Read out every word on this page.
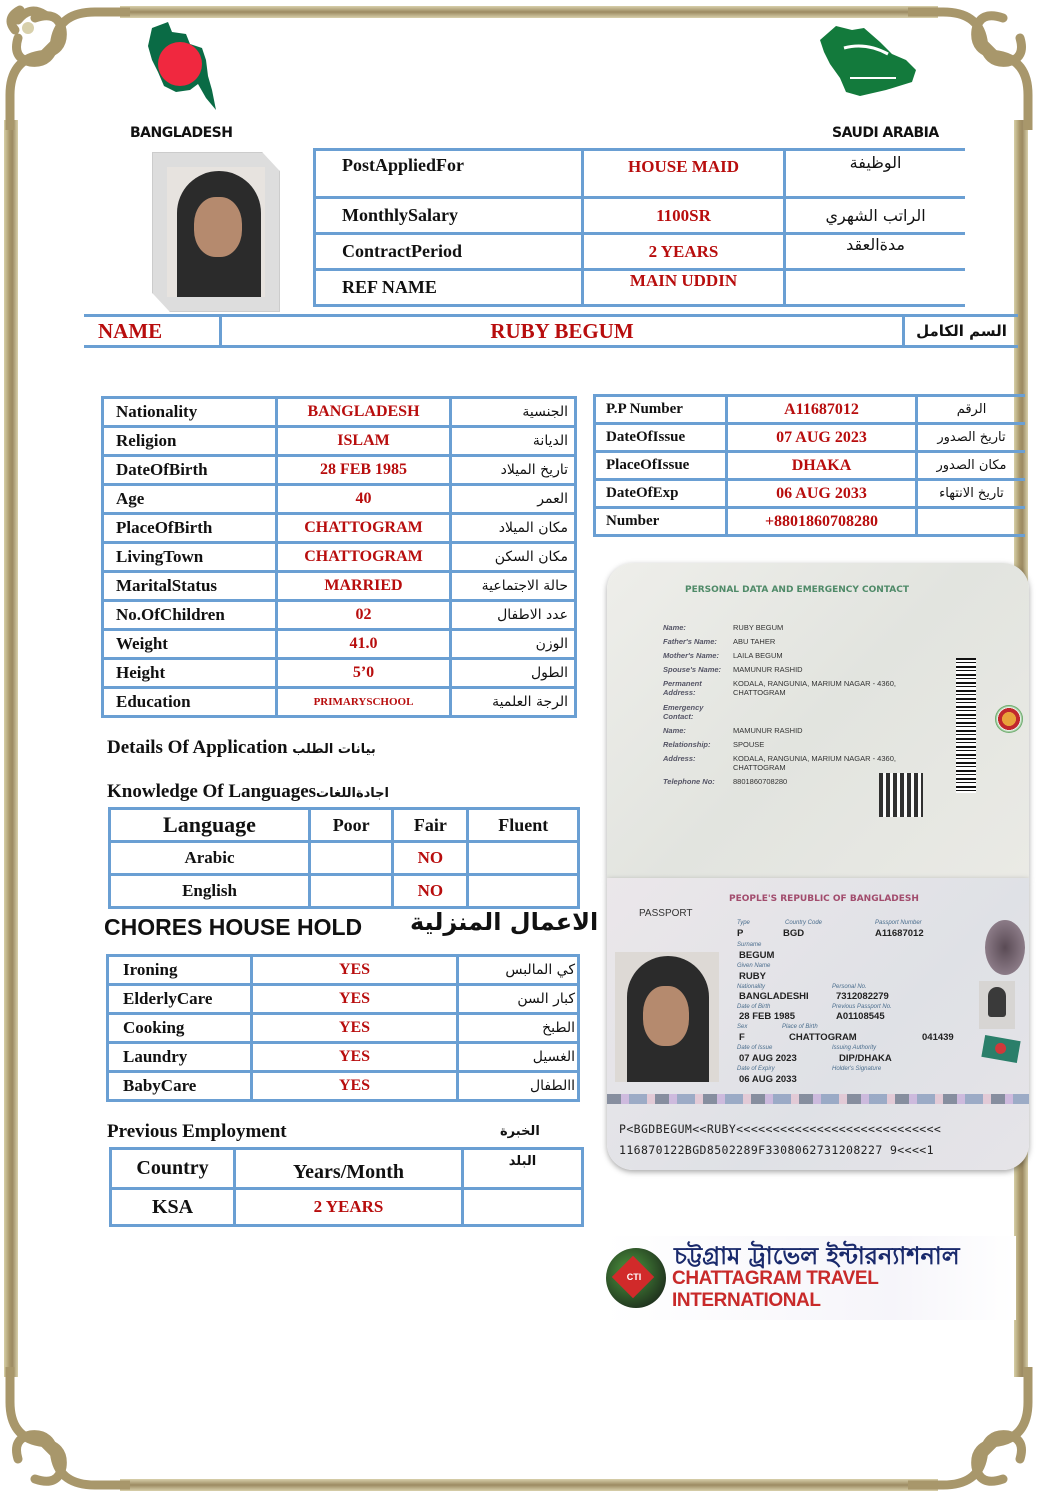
BANGLADESH	SAUDI ARABIA
PostAppliedFor	HOUSE MAID	الوظيفة
MonthlySalary	1100SR	الراتب الشهري
ContractPeriod	2 YEARS	مدةالعقد
REF NAME	MAIN UDDIN	
NAME	RUBY BEGUM	السم الكامل
Nationality	BANGLADESH	الجنسية
Religion	ISLAM	الديانة
DateOfBirth	28 FEB 1985	تاريخ الميلاد
Age	40	العمر
PlaceOfBirth	CHATTOGRAM	مكان الميلاد
LivingTown	CHATTOGRAM	مكان السكن
MaritalStatus	MARRIED	حالة الاجتماعية
No.OfChildren	02	عدد الاطفال
Weight	41.0	الوزن
Height	5’0	الطول
Education	PRIMARYSCHOOL	الرجة العلمية
P.P Number	A11687012	الرقم
DateOfIssue	07 AUG 2023	تاريخ الصدور
PlaceOfIssue	DHAKA	مكان الصدور
DateOfExp	06 AUG 2033	تاريخ الانتهاء
Number	+8801860708280	
Details Of Application بيانات الطلب
Knowledge Of Languagesاجادةاللغات
Language	Poor	Fair	Fluent
Arabic		NO	
English		NO	
CHORES HOUSE HOLD الاعمال المنزلية
Ironing	YES	كي المالبس
ElderlyCare	YES	كبار السن
Cooking	YES	الطبخ
Laundry	YES	الغسيل
BabyCare	YES	االطفال
Previous Employment	الخبرة
Country	Years/Month	البلد
KSA	2 YEARS	
PERSONAL DATA AND EMERGENCY CONTACT
Name:	RUBY BEGUM
Father's Name:	ABU TAHER
Mother's Name:	LAILA BEGUM
Spouse's Name:	MAMUNUR RASHID
Permanent Address:
KODALA, RANGUNIA, MARIUM NAGAR - 4360, CHATTOGRAM
Emergency Contact:
Name:	MAMUNUR RASHID
Relationship:	SPOUSE
Address:	KODALA, RANGUNIA, MARIUM NAGAR - 4360, CHATTOGRAM
Telephone No:	8801860708280
PASSPORT
PEOPLE'S REPUBLIC OF BANGLADESH
Type	Country Code	Passport Number
P	BGD	A11687012
Surname
BEGUM
Given Name
RUBY
Nationality	Personal No.
BANGLADESHI	7312082279
Date of Birth	Previous Passport No.
28 FEB 1985	A01108545
Sex	Place of Birth
F	CHATTOGRAM	041439
Date of Issue	Issuing Authority
07 AUG 2023	DIP/DHAKA
Date of Expiry	Holder's Signature
06 AUG 2033
P<BGDBEGUM<<RUBY<<<<<<<<<<<<<<<<<<<<<<<<<<<<
116870122BGD8502289F3308062731208227 9<<<<1
CTI
চট্টগ্রাম ট্রাভেল ইন্টারন্যাশনাল
CHATTAGRAM TRAVEL INTERNATIONAL
